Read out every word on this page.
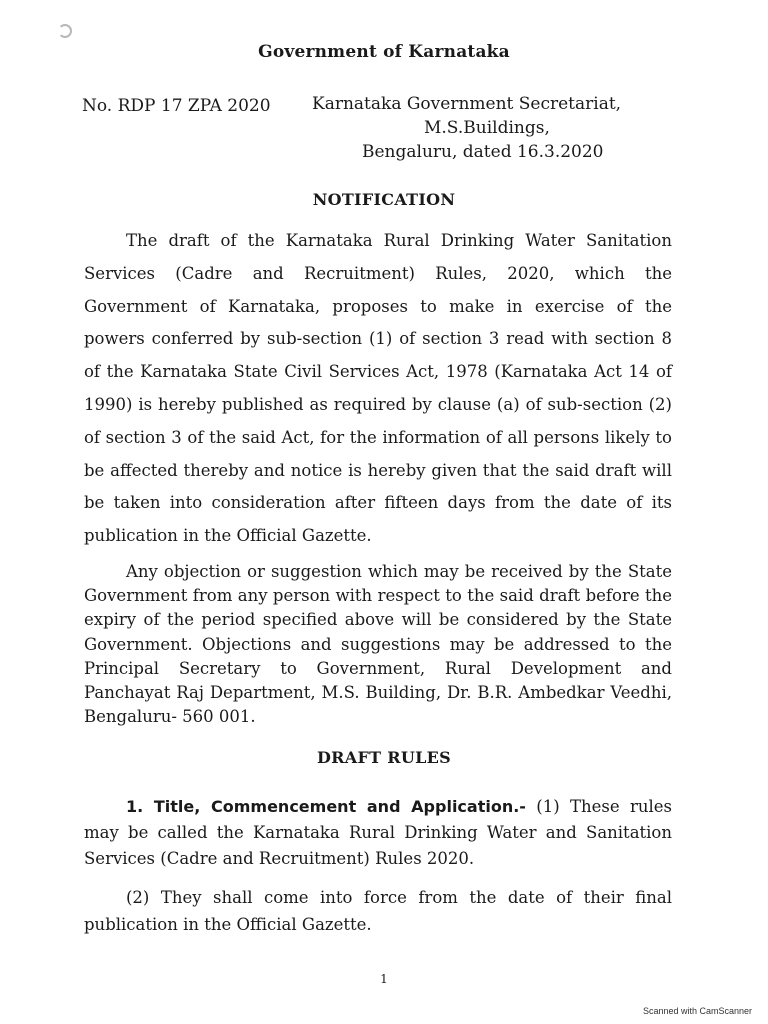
Government of Karnataka
No. RDP 17 ZPA 2020 Karnataka Government Secretariat,
M.S.Buildings,
Bengaluru, dated 16.3.2020
NOTIFICATION
The draft of the Karnataka Rural Drinking Water Sanitation Services (Cadre and Recruitment) Rules, 2020, which the Government of Karnataka, proposes to make in exercise of the powers conferred by sub-section (1) of section 3 read with section 8 of the Karnataka State Civil Services Act, 1978 (Karnataka Act 14 of 1990) is hereby published as required by clause (a) of sub-section (2) of section 3 of the said Act, for the information of all persons likely to be affected thereby and notice is hereby given that the said draft will be taken into consideration after fifteen days from the date of its publication in the Official Gazette.
Any objection or suggestion which may be received by the State Government from any person with respect to the said draft before the expiry of the period specified above will be considered by the State Government. Objections and suggestions may be addressed to the Principal Secretary to Government, Rural Development and Panchayat Raj Department, M.S. Building, Dr. B.R. Ambedkar Veedhi, Bengaluru- 560 001.
DRAFT RULES
1. Title, Commencement and Application.- (1) These rules may be called the Karnataka Rural Drinking Water and Sanitation Services (Cadre and Recruitment) Rules 2020.
(2) They shall come into force from the date of their final publication in the Official Gazette.
1
Scanned with CamScanner
